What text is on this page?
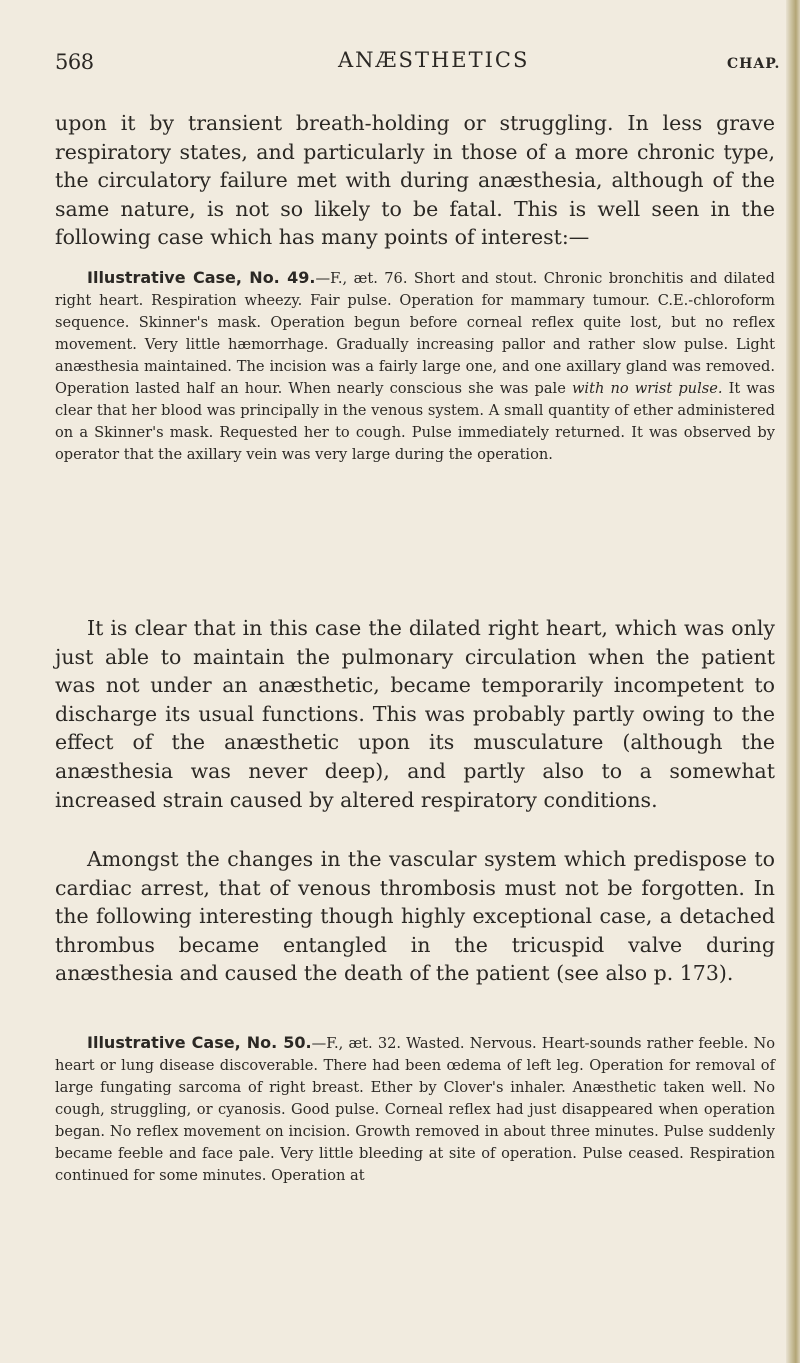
568	ANÆSTHETICS	CHAP.

upon it by transient breath-holding or struggling. In less grave respiratory states, and particularly in those of a more chronic type, the circulatory failure met with during anæsthesia, although of the same nature, is not so likely to be fatal. This is well seen in the following case which has many points of interest:—

Illustrative Case, No. 49.—F., æt. 76. Short and stout. Chronic bronchitis and dilated right heart. Respiration wheezy. Fair pulse. Operation for mammary tumour. C.E.-chloroform sequence. Skinner's mask. Operation begun before corneal reflex quite lost, but no reflex movement. Very little hæmorrhage. Gradually increasing pallor and rather slow pulse. Light anæsthesia maintained. The incision was a fairly large one, and one axillary gland was removed. Operation lasted half an hour. When nearly conscious she was pale with no wrist pulse. It was clear that her blood was principally in the venous system. A small quantity of ether administered on a Skinner's mask. Requested her to cough. Pulse immediately returned. It was observed by operator that the axillary vein was very large during the operation.

It is clear that in this case the dilated right heart, which was only just able to maintain the pulmonary circulation when the patient was not under an anæsthetic, became temporarily incompetent to discharge its usual functions. This was probably partly owing to the effect of the anæsthetic upon its musculature (although the anæsthesia was never deep), and partly also to a somewhat increased strain caused by altered respiratory conditions.

Amongst the changes in the vascular system which predispose to cardiac arrest, that of venous thrombosis must not be forgotten. In the following interesting though highly exceptional case, a detached thrombus became entangled in the tricuspid valve during anæsthesia and caused the death of the patient (see also p. 173).

Illustrative Case, No. 50.—F., æt. 32. Wasted. Nervous. Heart-sounds rather feeble. No heart or lung disease discoverable. There had been œdema of left leg. Operation for removal of large fungating sarcoma of right breast. Ether by Clover's inhaler. Anæsthetic taken well. No cough, struggling, or cyanosis. Good pulse. Corneal reflex had just disappeared when operation began. No reflex movement on incision. Growth removed in about three minutes. Pulse suddenly became feeble and face pale. Very little bleeding at site of operation. Pulse ceased. Respiration continued for some minutes. Operation at
